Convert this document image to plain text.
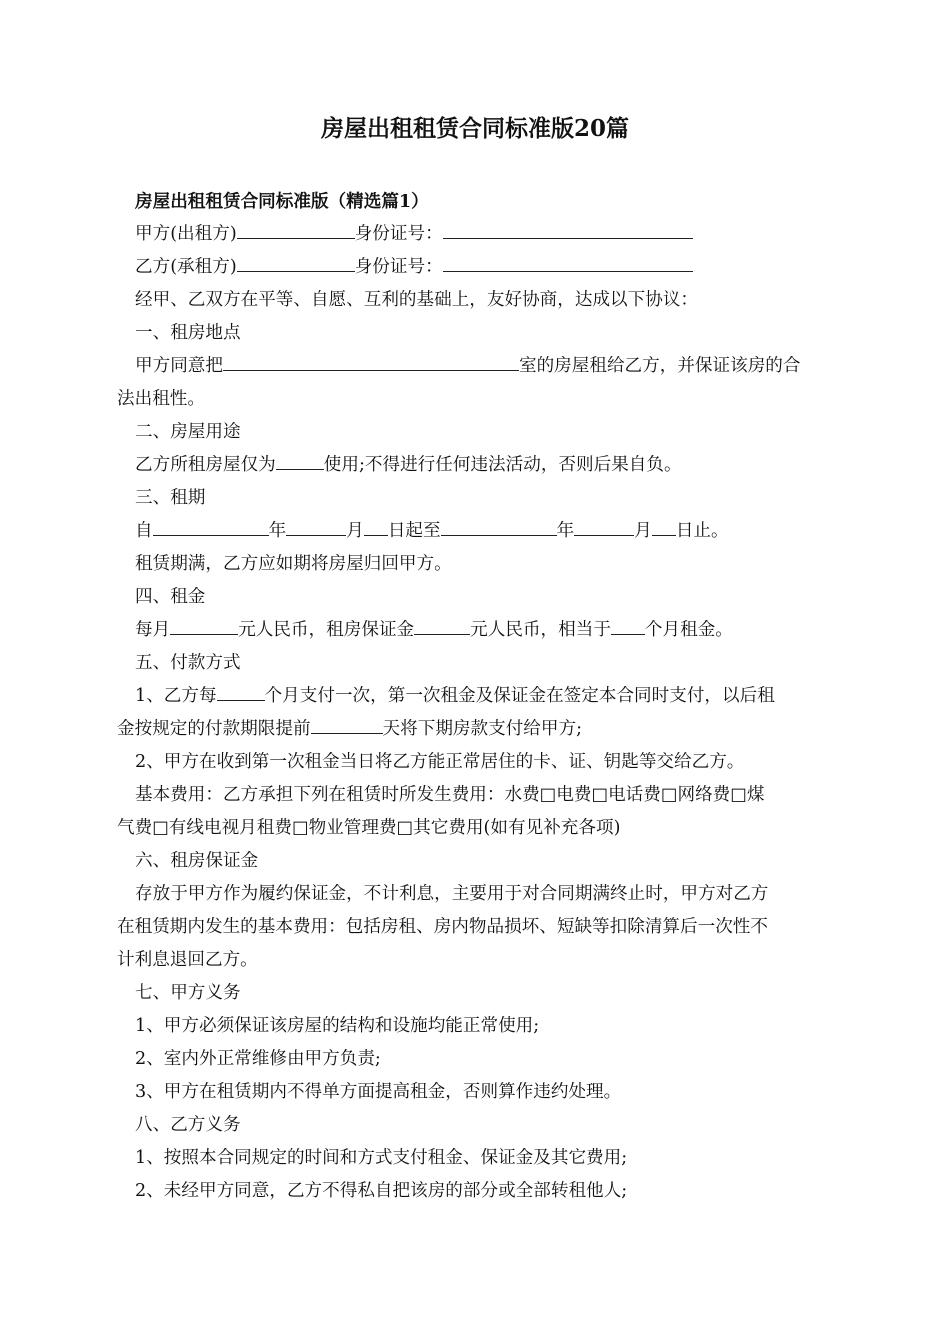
房屋出租租赁合同标准版20篇
房屋出租租赁合同标准版（精选篇1）
甲方(出租方)	身份证号：
乙方(承租方)	身份证号：
经甲、乙双方在平等、自愿、互利的基础上，友好协商，达成以下协议：
一、租房地点
甲方同意把	室的房屋租给乙方，并保证该房的合
法出租性。
二、房屋用途
乙方所租房屋仅为	使用;不得进行任何违法活动，否则后果自负。
三、租期
自	年	月 日起至	年	月 日止。
租赁期满，乙方应如期将房屋归回甲方。
四、租金
每月	元人民币，租房保证金	元人民币，相当于 个月租金。
五、付款方式
1、乙方每	个月支付一次，第一次租金及保证金在签定本合同时支付，以后租
金按规定的付款期限提前	天将下期房款支付给甲方;
2、甲方在收到第一次租金当日将乙方能正常居住的卡、证、钥匙等交给乙方。
基本费用：乙方承担下列在租赁时所发生费用：水费□电费□电话费□网络费□煤
气费□有线电视月租费□物业管理费□其它费用(如有见补充各项)
六、租房保证金
存放于甲方作为履约保证金，不计利息，主要用于对合同期满终止时，甲方对乙方
在租赁期内发生的基本费用：包括房租、房内物品损坏、短缺等扣除清算后一次性不
计利息退回乙方。
七、甲方义务
1、甲方必须保证该房屋的结构和设施均能正常使用;
2、室内外正常维修由甲方负责;
3、甲方在租赁期内不得单方面提高租金，否则算作违约处理。
八、乙方义务
1、按照本合同规定的时间和方式支付租金、保证金及其它费用;
2、未经甲方同意，乙方不得私自把该房的部分或全部转租他人;
